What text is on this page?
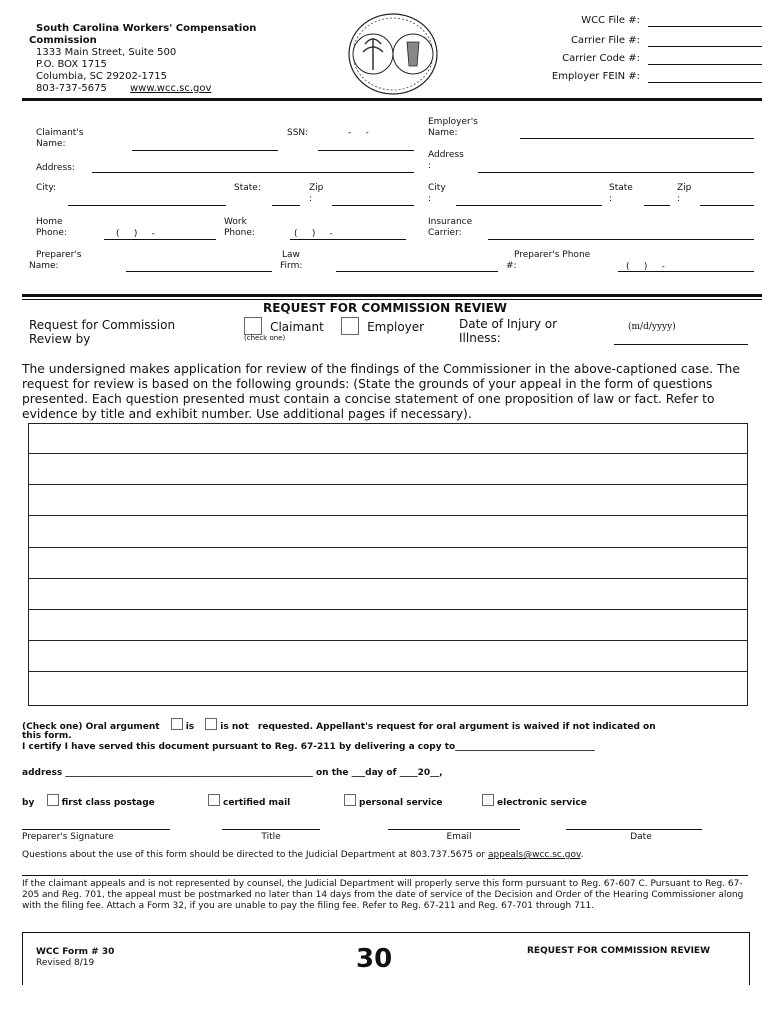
South Carolina Workers' Compensation
Commission
1333 Main Street, Suite 500
P.O. BOX 1715
Columbia, SC 29202-1715
803-737-5675 www.wcc.sc.gov
WCC File #:
Carrier File #:
Carrier Code #:
Employer FEIN #:
Claimant's
Name:
SSN:	-     -
Employer's
Name:
Address
:
Address:
City:	State:	Zip
:
City
:
State
:
Zip
:
Home
Phone:	(     )     -
Work
Phone:	(     )     -
Insurance
Carrier:
Preparer's
Name:
Law
Firm:
Preparer's Phone
#:	(     )     -
REQUEST FOR COMMISSION REVIEW
Request for Commission
Review by
Claimant
(check one)
Employer	Date of Injury or
Illness:
(m/d/yyyy)
The undersigned makes application for review of the findings of the Commissioner in the above-captioned case. The request for review is based on the following grounds: (State the grounds of your appeal in the form of questions presented. Each question presented must contain a concise statement of one proposition of law or fact. Refer to evidence by title and exhibit number. Use additional pages if necessary).
(Check one) Oral argument	is	is not requested. Appellant's request for oral argument is waived if not indicated on
this form.
I certify I have served this document pursuant to Reg. 67-211 by delivering a copy to_______________________________
address _______________________________________________________ on the ___day of ____20__,
by	first class postage	certified mail	personal service	electronic service
Preparer's Signature	Title	Email	Date
Questions about the use of this form should be directed to the Judicial Department at 803.737.5675 or appeals@wcc.sc.gov.
If the claimant appeals and is not represented by counsel, the Judicial Department will properly serve this form pursuant to Reg. 67-607 C. Pursuant to Reg. 67-205 and Reg. 701, the appeal must be postmarked no later than 14 days from the date of service of the Decision and Order of the Hearing Commissioner along with the filing fee. Attach a Form 32, if you are unable to pay the filing fee. Refer to Reg. 67-211 and Reg. 67-701 through 711.
WCC Form # 30
Revised 8/19	30	REQUEST FOR COMMISSION REVIEW
